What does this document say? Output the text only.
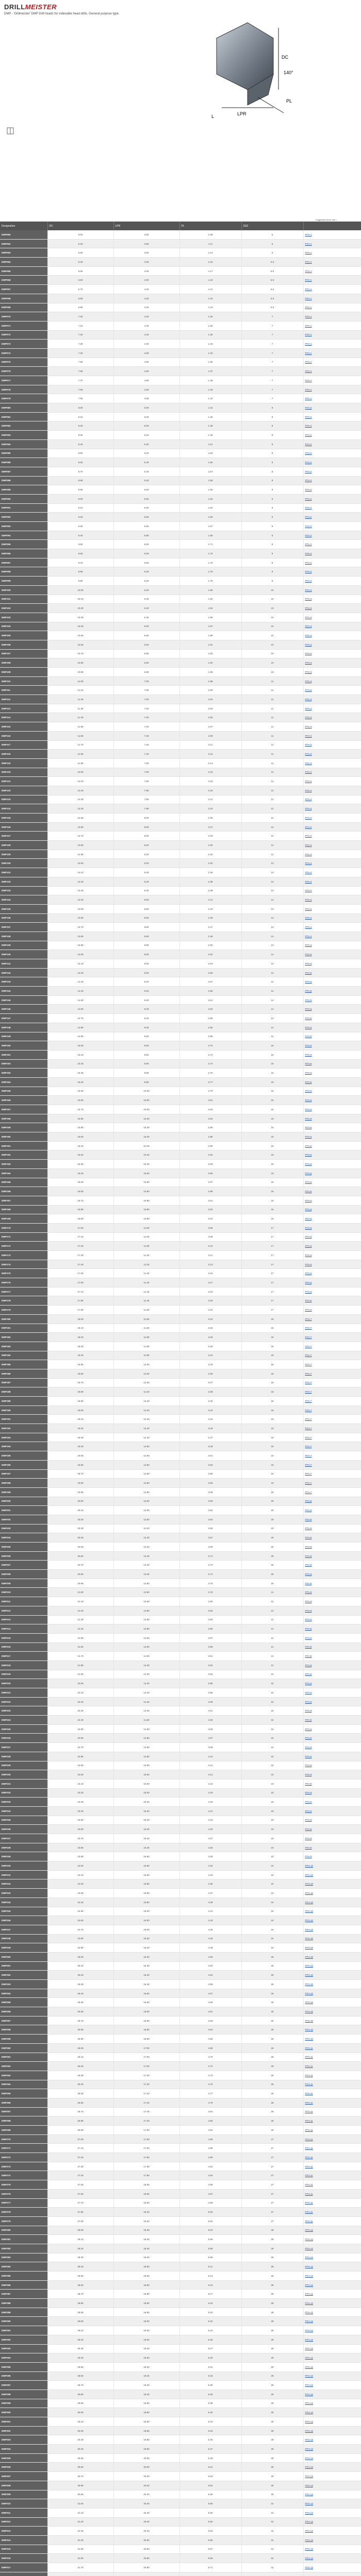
DRILLMEISTER
DMP - 'Drillmeister' DMP Drill heads for indexable head drills. General purpose type.
DC
140°
PL
LPR
L
Suggested stock: see ▪

Designation	DC	LPR	PL	SSZ	
DMP060	6.00	3.60	1.08	6	PTH-1
DMP062	6.20	3.60	1.11	6	PTH-1
DMP063	6.30	3.60	1.14	6	PTH-1
DMP064	6.40	4.00	1.15	6.5	PTH-1
DMP065	6.50	4.00	1.17	6.5	PTH-1
DMP066	6.60	4.00	1.19	6.5	PTH-1
DMP067	6.70	4.20	1.21	6.5	PTH-1
DMP068	6.80	4.20	1.23	6.5	PTH-1
DMP069	6.90	4.20	1.24	6.5	PTH-1
DMP070	7.00	4.20	1.26	7	PTH-1
DMP071	7.10	4.40	1.28	7	PTH-1
DMP072	7.20	4.40	1.30	7	PTH-1
DMP073	7.30	4.40	1.32	7	PTH-1
DMP074	7.40	4.60	1.33	7	PTH-1
DMP075	7.50	4.60	1.35	7	PTH-1
DMP076	7.60	4.60	1.37	7	PTH-1
DMP077	7.70	4.80	1.39	7	PTH-1
DMP078	7.80	4.80	1.40	7	PTH-1
DMP079	7.90	4.80	1.42	7	PTH-1
DMP080	8.00	5.00	1.44	8	PTH-2
DMP081	8.10	5.00	1.46	8	PTH-2
DMP082	8.20	5.00	1.48	8	PTH-2
DMP083	8.30	5.20	1.49	8	PTH-2
DMP084	8.40	5.20	1.51	8	PTH-2
DMP085	8.50	5.20	1.53	8	PTH-2
DMP086	8.60	5.40	1.55	8	PTH-2
DMP087	8.70	5.40	1.57	8	PTH-2
DMP088	8.80	5.40	1.58	8	PTH-2
DMP089	8.90	5.60	1.60	8	PTH-2
DMP090	9.00	5.60	1.62	9	PTH-2
DMP091	9.10	5.60	1.64	9	PTH-2
DMP092	9.20	5.80	1.66	9	PTH-2
DMP093	9.30	5.80	1.67	9	PTH-2
DMP094	9.40	5.80	1.69	9	PTH-2
DMP095	9.50	6.00	1.71	9	PTH-2
DMP096	9.60	6.00	1.73	9	PTH-2
DMP097	9.70	6.00	1.75	9	PTH-2
DMP098	9.80	6.20	1.76	9	PTH-2
DMP099	9.90	6.20	1.78	9	PTH-2
DMP100	10.00	6.20	1.80	10	PTH-3
DMP101	10.10	6.40	1.82	10	PTH-3
DMP102	10.20	6.40	1.84	10	PTH-3
DMP103	10.30	6.40	1.85	10	PTH-3
DMP104	10.40	6.60	1.87	10	PTH-3
DMP105	10.50	6.60	1.89	10	PTH-3
DMP106	10.60	6.60	1.91	10	PTH-3
DMP107	10.70	6.80	1.93	10	PTH-3
DMP108	10.80	6.80	1.94	10	PTH-3
DMP109	10.90	6.80	1.96	10	PTH-3
DMP110	11.00	7.00	1.98	11	PTH-3
DMP111	11.10	7.00	2.00	11	PTH-3
DMP112	11.20	7.00	2.02	11	PTH-3
DMP113	11.30	7.20	2.03	11	PTH-3
DMP114	11.40	7.20	2.05	11	PTH-3
DMP115	11.50	7.20	2.07	11	PTH-3
DMP116	11.60	7.40	2.09	11	PTH-3
DMP117	11.70	7.40	2.11	11	PTH-3
DMP118	11.80	7.40	2.12	11	PTH-3
DMP119	11.90	7.60	2.14	11	PTH-3
DMP120	12.00	7.60	2.16	12	PTH-4
DMP121	12.10	7.60	2.18	12	PTH-4
DMP122	12.20	7.80	2.20	12	PTH-4
DMP123	12.30	7.80	2.21	12	PTH-4
DMP124	12.40	7.80	2.23	12	PTH-4
DMP125	12.50	8.00	2.25	12	PTH-4
DMP126	12.60	8.00	2.27	12	PTH-4
DMP127	12.70	8.00	2.29	12	PTH-4
DMP128	12.80	8.20	2.30	12	PTH-4
DMP129	12.90	8.20	2.32	12	PTH-4
DMP130	13.00	8.20	2.34	13	PTH-4
DMP131	13.10	8.40	2.36	13	PTH-4
DMP132	13.20	8.40	2.38	13	PTH-4
DMP133	13.30	8.40	2.39	13	PTH-4
DMP134	13.40	8.60	2.41	13	PTH-4
DMP135	13.50	8.60	2.43	13	PTH-4
DMP136	13.60	8.60	2.45	13	PTH-4
DMP137	13.70	8.80	2.47	13	PTH-4
DMP138	13.80	8.80	2.48	13	PTH-4
DMP139	13.90	8.80	2.50	13	PTH-4
DMP140	14.00	9.00	2.52	14	PTH-5
DMP141	14.10	9.00	2.54	14	PTH-5
DMP142	14.20	9.00	2.56	14	PTH-5
DMP143	14.30	9.20	2.57	14	PTH-5
DMP144	14.40	9.20	2.59	14	PTH-5
DMP145	14.50	9.20	2.61	14	PTH-5
DMP146	14.60	9.40	2.63	14	PTH-5
DMP147	14.70	9.40	2.65	14	PTH-5
DMP148	14.80	9.40	2.66	14	PTH-5
DMP149	14.90	9.60	2.68	14	PTH-5
DMP150	15.00	9.60	2.70	15	PTH-5
DMP151	15.10	9.60	2.72	15	PTH-5
DMP152	15.20	9.80	2.74	15	PTH-5
DMP153	15.30	9.80	2.75	15	PTH-5
DMP154	15.40	9.80	2.77	15	PTH-5
DMP155	15.50	10.00	2.79	15	PTH-5
DMP156	15.60	10.00	2.81	15	PTH-5
DMP157	15.70	10.00	2.83	15	PTH-5
DMP158	15.80	10.20	2.84	15	PTH-5
DMP159	15.90	10.20	2.86	15	PTH-5
DMP160	16.00	10.20	2.88	16	PTH-6
DMP161	16.10	10.40	2.90	16	PTH-6
DMP162	16.20	10.40	2.92	16	PTH-6
DMP163	16.30	10.40	2.93	16	PTH-6
DMP164	16.40	10.60	2.95	16	PTH-6
DMP165	16.50	10.60	2.97	16	PTH-6
DMP166	16.60	10.60	2.99	16	PTH-6
DMP167	16.70	10.80	3.01	16	PTH-6
DMP168	16.80	10.80	3.02	16	PTH-6
DMP169	16.90	10.80	3.04	16	PTH-6
DMP170	17.00	11.00	3.06	17	PTH-6
DMP171	17.10	11.00	3.08	17	PTH-6
DMP172	17.20	11.00	3.10	17	PTH-6
DMP173	17.30	11.20	3.11	17	PTH-6
DMP174	17.40	11.20	3.13	17	PTH-6
DMP175	17.50	11.20	3.15	17	PTH-6
DMP176	17.60	11.40	3.17	17	PTH-6
DMP177	17.70	11.40	3.19	17	PTH-6
DMP178	17.80	11.40	3.20	17	PTH-6
DMP179	17.90	11.60	3.22	17	PTH-6
DMP180	18.00	11.60	3.24	18	PTH-7
DMP181	18.10	11.60	3.26	18	PTH-7
DMP182	18.20	11.80	3.28	18	PTH-7
DMP183	18.30	11.80	3.29	18	PTH-7
DMP184	18.40	11.80	3.31	18	PTH-7
DMP185	18.50	12.00	3.33	18	PTH-7
DMP186	18.60	12.00	3.35	18	PTH-7
DMP187	18.70	12.00	3.37	18	PTH-7
DMP188	18.80	12.20	3.38	18	PTH-7
DMP189	18.90	12.20	3.40	18	PTH-7
DMP190	19.00	12.20	3.42	19	PTH-7
DMP191	19.10	12.40	3.44	19	PTH-7
DMP192	19.20	12.40	3.46	19	PTH-7
DMP193	19.30	12.40	3.47	19	PTH-7
DMP194	19.40	12.60	3.49	19	PTH-7
DMP195	19.50	12.60	3.51	19	PTH-7
DMP196	19.60	12.60	3.53	19	PTH-7
DMP197	19.70	12.80	3.55	19	PTH-7
DMP198	19.80	12.80	3.56	19	PTH-7
DMP199	19.90	12.80	3.58	19	PTH-7
DMP200	20.00	13.00	3.60	20	PTH-8
DMP201	20.10	13.00	3.62	20	PTH-8
DMP202	20.20	13.00	3.64	20	PTH-8
DMP203	20.30	13.20	3.65	20	PTH-8
DMP204	20.40	13.20	3.67	20	PTH-8
DMP205	20.50	13.20	3.69	20	PTH-8
DMP206	20.60	13.40	3.71	20	PTH-8
DMP207	20.70	13.40	3.73	20	PTH-8
DMP208	20.80	13.40	3.74	20	PTH-8
DMP209	20.90	13.60	3.76	20	PTH-8
DMP210	21.00	13.60	3.78	21	PTH-8
DMP211	21.10	13.60	3.80	21	PTH-8
DMP212	21.20	13.80	3.82	21	PTH-8
DMP213	21.30	13.80	3.83	21	PTH-8
DMP214	21.40	13.80	3.85	21	PTH-8
DMP215	21.50	14.00	3.87	21	PTH-8
DMP216	21.60	14.00	3.89	21	PTH-8
DMP217	21.70	14.00	3.91	21	PTH-8
DMP218	21.80	14.20	3.92	21	PTH-8
DMP219	21.90	14.20	3.94	21	PTH-8
DMP220	22.00	14.20	3.96	22	PTH-9
DMP221	22.10	14.40	3.98	22	PTH-9
DMP222	22.20	14.40	4.00	22	PTH-9
DMP223	22.30	14.40	4.01	22	PTH-9
DMP224	22.40	14.60	4.03	22	PTH-9
DMP225	22.50	14.60	4.05	22	PTH-9
DMP226	22.60	14.60	4.07	22	PTH-9
DMP227	22.70	14.80	4.09	22	PTH-9
DMP228	22.80	14.80	4.10	22	PTH-9
DMP229	22.90	14.80	4.12	22	PTH-9
DMP230	23.00	15.00	4.14	23	PTH-9
DMP231	23.10	15.00	4.16	23	PTH-9
DMP232	23.20	15.00	4.18	23	PTH-9
DMP233	23.30	15.20	4.19	23	PTH-9
DMP234	23.40	15.20	4.21	23	PTH-9
DMP235	23.50	15.20	4.23	23	PTH-9
DMP236	23.60	15.40	4.25	23	PTH-9
DMP237	23.70	15.40	4.27	23	PTH-9
DMP238	23.80	15.40	4.28	23	PTH-9
DMP239	23.90	15.60	4.30	23	PTH-9
DMP240	24.00	15.60	4.32	24	PTH-10
DMP241	24.10	15.60	4.34	24	PTH-10
DMP242	24.20	15.80	4.36	24	PTH-10
DMP243	24.30	15.80	4.37	24	PTH-10
DMP244	24.40	15.80	4.39	24	PTH-10
DMP245	24.50	16.00	4.41	24	PTH-10
DMP246	24.60	16.00	4.43	24	PTH-10
DMP247	24.70	16.00	4.45	24	PTH-10
DMP248	24.80	16.20	4.46	24	PTH-10
DMP249	24.90	16.20	4.48	24	PTH-10
DMP250	25.00	16.20	4.50	25	PTH-10
DMP251	25.10	16.40	4.52	25	PTH-10
DMP252	25.20	16.40	4.54	25	PTH-10
DMP253	25.30	16.40	4.55	25	PTH-10
DMP254	25.40	16.60	4.57	25	PTH-10
DMP255	25.50	16.60	4.59	25	PTH-10
DMP256	25.60	16.60	4.61	25	PTH-10
DMP257	25.70	16.80	4.63	25	PTH-10
DMP258	25.80	16.80	4.64	25	PTH-10
DMP259	25.90	16.80	4.66	25	PTH-10
DMP260	26.00	17.00	4.68	26	PTH-11
DMP261	26.10	17.00	4.70	26	PTH-11
DMP262	26.20	17.00	4.72	26	PTH-11
DMP263	26.30	17.20	4.73	26	PTH-11
DMP264	26.40	17.20	4.75	26	PTH-11
DMP265	26.50	17.20	4.77	26	PTH-11
DMP266	26.60	17.40	4.79	26	PTH-11
DMP267	26.70	17.40	4.81	26	PTH-11
DMP268	26.80	17.40	4.82	26	PTH-11
DMP269	26.90	17.60	4.84	26	PTH-11
DMP270	27.00	17.60	4.86	27	PTH-11
DMP271	27.10	17.60	4.88	27	PTH-11
DMP272	27.20	17.80	4.90	27	PTH-11
DMP273	27.30	17.80	4.91	27	PTH-11
DMP274	27.40	17.80	4.93	27	PTH-11
DMP275	27.50	18.00	4.95	27	PTH-11
DMP276	27.60	18.00	4.97	27	PTH-11
DMP277	27.70	18.00	4.99	27	PTH-11
DMP278	27.80	18.20	5.00	27	PTH-11
DMP279	27.90	18.20	5.02	27	PTH-11
DMP280	28.00	18.20	5.04	28	PTH-12
DMP281	28.10	18.40	5.06	28	PTH-12
DMP282	28.20	18.40	5.08	28	PTH-12
DMP283	28.30	18.40	5.09	28	PTH-12
DMP284	28.40	18.60	5.11	28	PTH-12
DMP285	28.50	18.60	5.13	28	PTH-12
DMP286	28.60	18.60	5.15	28	PTH-12
DMP287	28.70	18.80	5.17	28	PTH-12
DMP288	28.80	18.80	5.18	28	PTH-12
DMP289	28.90	18.80	5.20	28	PTH-12
DMP290	29.00	19.00	5.22	29	PTH-12
DMP291	29.10	19.00	5.24	29	PTH-12
DMP292	29.20	19.00	5.26	29	PTH-12
DMP293	29.30	19.20	5.27	29	PTH-12
DMP294	29.40	19.20	5.29	29	PTH-12
DMP295	29.50	19.20	5.31	29	PTH-12
DMP296	29.60	19.40	5.33	29	PTH-12
DMP297	29.70	19.40	5.35	29	PTH-12
DMP298	29.80	19.40	5.36	29	PTH-12
DMP299	29.90	19.60	5.38	29	PTH-12
DMP300	30.00	19.60	5.40	30	PTH-13
DMP301	30.10	19.60	5.42	30	PTH-13
DMP302	30.20	19.80	5.44	30	PTH-13
DMP303	30.30	19.80	5.45	30	PTH-13
DMP304	30.40	19.80	5.47	30	PTH-13
DMP305	30.50	20.00	5.49	30	PTH-13
DMP306	30.60	20.00	5.51	30	PTH-13
DMP307	30.70	20.00	5.53	30	PTH-13
DMP308	30.80	20.20	5.54	30	PTH-13
DMP309	30.90	20.20	5.56	30	PTH-13
DMP310	31.00	20.20	5.58	31	PTH-13
DMP311	31.10	20.40	5.60	31	PTH-13
DMP312	31.20	20.40	5.62	31	PTH-13
DMP313	31.30	20.40	5.63	31	PTH-13
DMP314	31.40	20.60	5.65	31	PTH-13
DMP315	31.50	20.60	5.67	31	PTH-13
DMP316	31.60	20.60	5.69	31	PTH-13
DMP317	31.70	20.80	5.71	31	PTH-13
